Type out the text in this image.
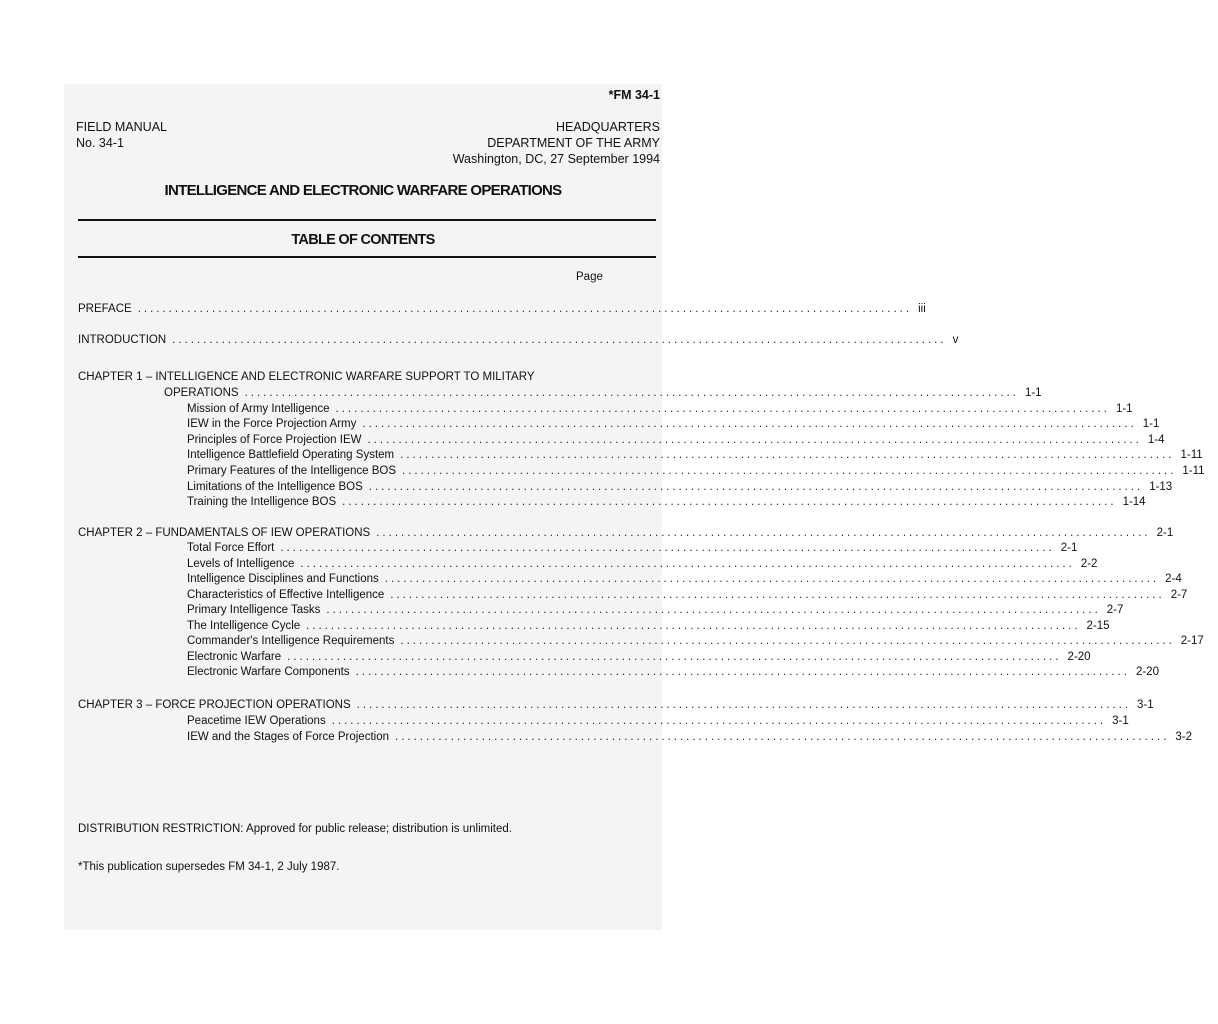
*FM 34-1
FIELD MANUAL
No. 34-1
HEADQUARTERS
DEPARTMENT OF THE ARMY
Washington, DC, 27 September 1994
INTELLIGENCE AND ELECTRONIC WARFARE OPERATIONS
TABLE OF CONTENTS
Page
PREFACE ............................................................................................................................. iii
INTRODUCTION ............................................................................................................................. v
CHAPTER 1 – INTELLIGENCE AND ELECTRONIC WARFARE SUPPORT TO MILITARY
OPERATIONS ............................................................................................................................. 1-1
Mission of Army Intelligence ............................................................................................................................. 1-1
IEW in the Force Projection Army ............................................................................................................................. 1-1
Principles of Force Projection IEW ............................................................................................................................. 1-4
Intelligence Battlefield Operating System ............................................................................................................................. 1-11
Primary Features of the Intelligence BOS ............................................................................................................................. 1-11
Limitations of the Intelligence BOS ............................................................................................................................. 1-13
Training the Intelligence BOS ............................................................................................................................. 1-14
CHAPTER 2 – FUNDAMENTALS OF IEW OPERATIONS ............................................................................................................................. 2-1
Total Force Effort ............................................................................................................................. 2-1
Levels of Intelligence ............................................................................................................................. 2-2
Intelligence Disciplines and Functions ............................................................................................................................. 2-4
Characteristics of Effective Intelligence ............................................................................................................................. 2-7
Primary Intelligence Tasks ............................................................................................................................. 2-7
The Intelligence Cycle ............................................................................................................................. 2-15
Commander's Intelligence Requirements ............................................................................................................................. 2-17
Electronic Warfare ............................................................................................................................. 2-20
Electronic Warfare Components ............................................................................................................................. 2-20
CHAPTER 3 – FORCE PROJECTION OPERATIONS ............................................................................................................................. 3-1
Peacetime IEW Operations ............................................................................................................................. 3-1
IEW and the Stages of Force Projection ............................................................................................................................. 3-2
DISTRIBUTION RESTRICTION: Approved for public release; distribution is unlimited.
*This publication supersedes FM 34-1, 2 July 1987.
